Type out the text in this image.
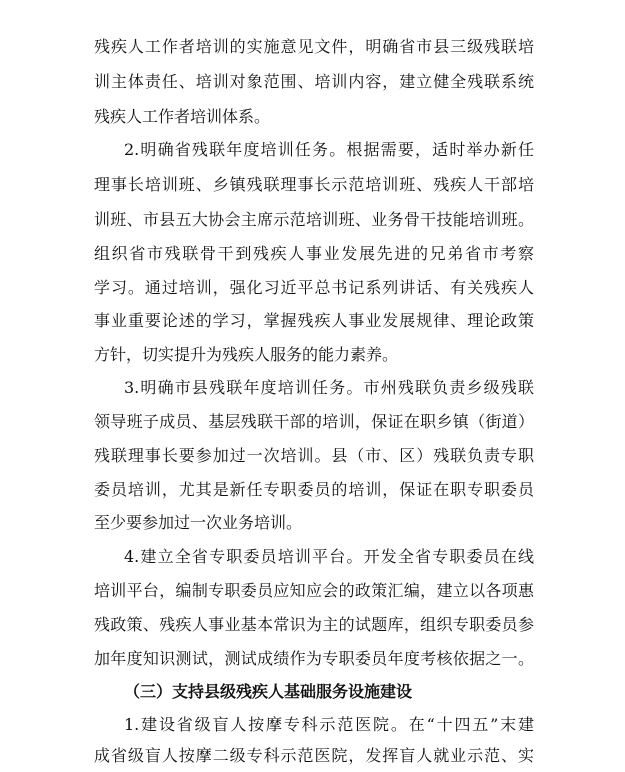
残疾人工作者培训的实施意见文件，明确省市县三级残联培
训主体责任、培训对象范围、培训内容，建立健全残联系统
残疾人工作者培训体系。
2.明确省残联年度培训任务。根据需要，适时举办新任
理事长培训班、乡镇残联理事长示范培训班、残疾人干部培
训班、市县五大协会主席示范培训班、业务骨干技能培训班。
组织省市残联骨干到残疾人事业发展先进的兄弟省市考察
学习。通过培训，强化习近平总书记系列讲话、有关残疾人
事业重要论述的学习，掌握残疾人事业发展规律、理论政策
方针，切实提升为残疾人服务的能力素养。
3.明确市县残联年度培训任务。市州残联负责乡级残联
领导班子成员、基层残联干部的培训，保证在职乡镇（街道）
残联理事长要参加过一次培训。县（市、区）残联负责专职
委员培训，尤其是新任专职委员的培训，保证在职专职委员
至少要参加过一次业务培训。
4.建立全省专职委员培训平台。开发全省专职委员在线
培训平台，编制专职委员应知应会的政策汇编，建立以各项惠
残政策、残疾人事业基本常识为主的试题库，组织专职委员参
加年度知识测试，测试成绩作为专职委员年度考核依据之一。
（三）支持县级残疾人基础服务设施建设
1.建设省级盲人按摩专科示范医院。在“十四五”末建
成省级盲人按摩二级专科示范医院，发挥盲人就业示范、实
